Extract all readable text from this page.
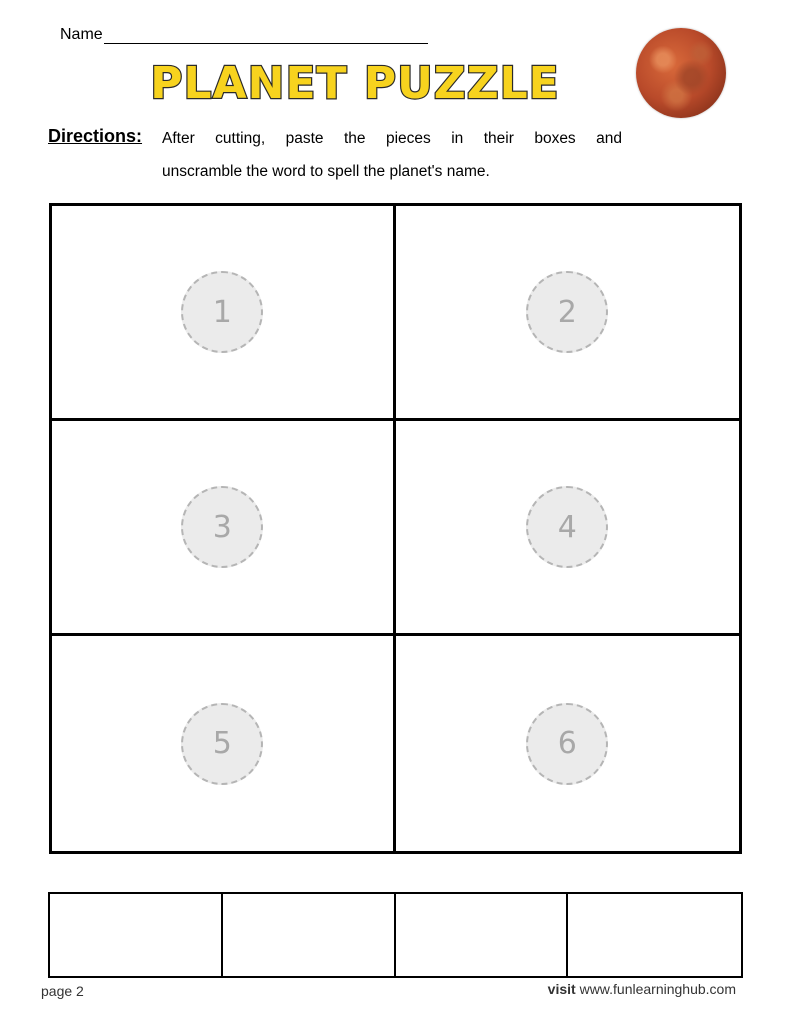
Name
PLANET PUZZLE
Directions: After cutting, paste the pieces in their boxes and
unscramble the word to spell the planet's name.
1	2
3	4
5	6
page 2	visit www.funlearninghub.com
